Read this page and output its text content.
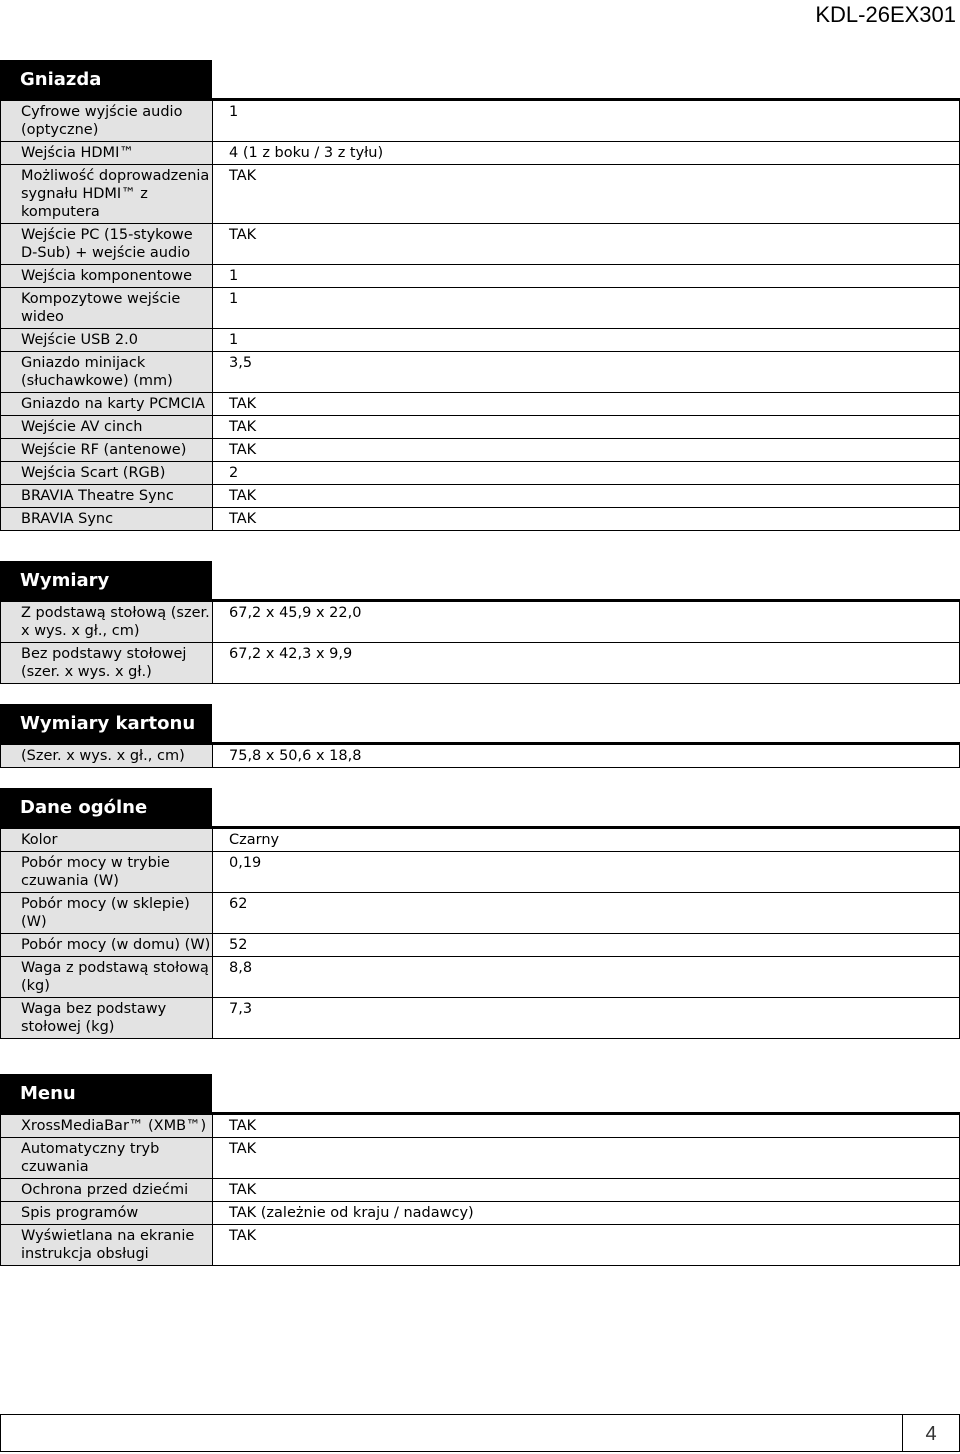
KDL-26EX301
Gniazda
Cyfrowe wyjście audio (optyczne)	1
Wejścia HDMI™	4 (1 z boku / 3 z tyłu)
Możliwość doprowadzenia sygnału HDMI™ z komputera	TAK
Wejście PC (15-stykowe D-Sub) + wejście audio	TAK
Wejścia komponentowe	1
Kompozytowe wejście wideo	1
Wejście USB 2.0	1
Gniazdo minijack (słuchawkowe) (mm)	3,5
Gniazdo na karty PCMCIA	TAK
Wejście AV cinch	TAK
Wejście RF (antenowe)	TAK
Wejścia Scart (RGB)	2
BRAVIA Theatre Sync	TAK
BRAVIA Sync	TAK
Wymiary
Z podstawą stołową (szer. x wys. x gł., cm)	67,2 x 45,9 x 22,0
Bez podstawy stołowej (szer. x wys. x gł.)	67,2 x 42,3 x 9,9
Wymiary kartonu
(Szer. x wys. x gł., cm)	75,8 x 50,6 x 18,8
Dane ogólne
Kolor	Czarny
Pobór mocy w trybie czuwania (W)	0,19
Pobór mocy (w sklepie) (W)	62
Pobór mocy (w domu) (W)	52
Waga z podstawą stołową (kg)	8,8
Waga bez podstawy stołowej (kg)	7,3
Menu
XrossMediaBar™ (XMB™)	TAK
Automatyczny tryb czuwania	TAK
Ochrona przed dziećmi	TAK
Spis programów	TAK (zależnie od kraju / nadawcy)
Wyświetlana na ekranie instrukcja obsługi	TAK
4
